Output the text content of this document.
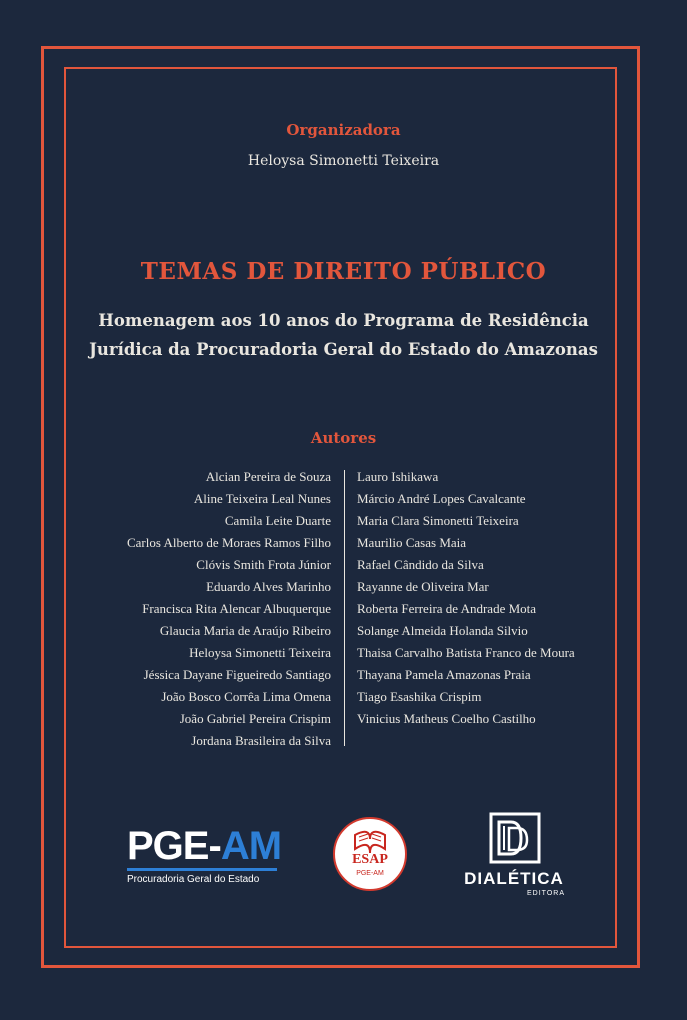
Organizadora
Heloysa Simonetti Teixeira
TEMAS DE DIREITO PÚBLICO
Homenagem aos 10 anos do Programa de Residência
Jurídica da Procuradoria Geral do Estado do Amazonas
Autores
Alcian Pereira de Souza
Aline Teixeira Leal Nunes
Camila Leite Duarte
Carlos Alberto de Moraes Ramos Filho
Clóvis Smith Frota Júnior
Eduardo Alves Marinho
Francisca Rita Alencar Albuquerque
Glaucia Maria de Araújo Ribeiro
Heloysa Simonetti Teixeira
Jéssica Dayane Figueiredo Santiago
João Bosco Corrêa Lima Omena
João Gabriel Pereira Crispim
Jordana Brasileira da Silva
Lauro Ishikawa
Márcio André Lopes Cavalcante
Maria Clara Simonetti Teixeira
Maurilio Casas Maia
Rafael Cândido da Silva
Rayanne de Oliveira Mar
Roberta Ferreira de Andrade Mota
Solange Almeida Holanda Silvio
Thaisa Carvalho Batista Franco de Moura
Thayana Pamela Amazonas Praia
Tiago Esashika Crispim
Vinicius Matheus Coelho Castilho
PGE-AM
Procuradoria Geral do Estado
ESAP
PGE-AM	DIALÉTICA
EDITORA
